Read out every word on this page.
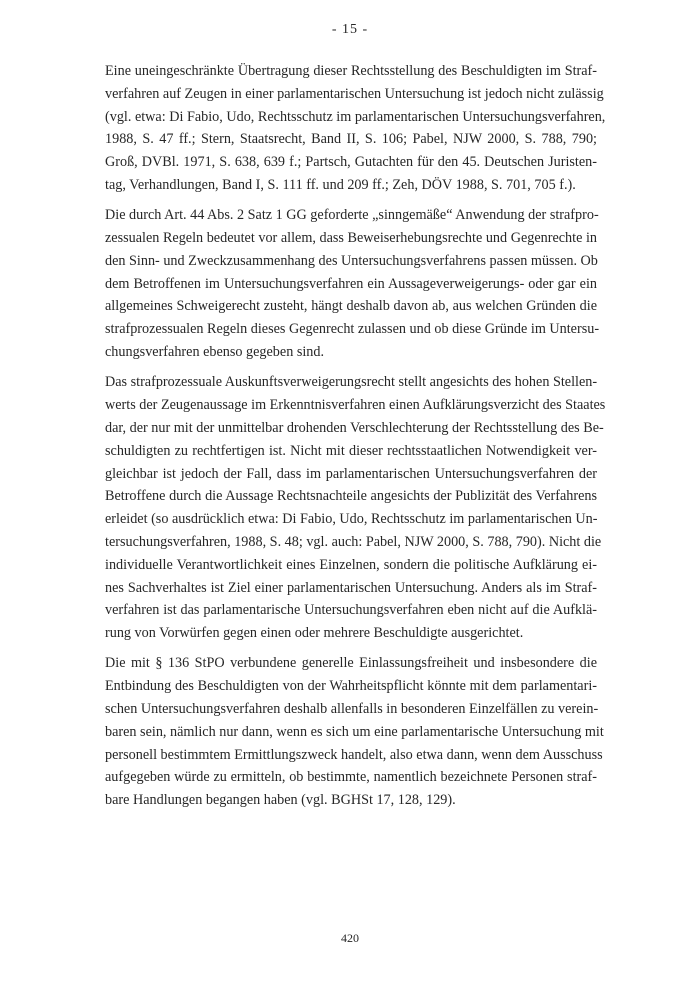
- 15 -
Eine uneingeschränkte Übertragung dieser Rechtsstellung des Beschuldigten im Straf-
verfahren auf Zeugen in einer parlamentarischen Untersuchung ist jedoch nicht zulässig
(vgl. etwa: Di Fabio, Udo, Rechtsschutz im parlamentarischen Untersuchungsverfahren,
1988, S. 47 ff.; Stern, Staatsrecht, Band II, S. 106; Pabel, NJW 2000, S. 788, 790;
Groß, DVBl. 1971, S. 638, 639 f.; Partsch, Gutachten für den 45. Deutschen Juristen-
tag, Verhandlungen, Band I, S. 111 ff. und 209 ff.; Zeh, DÖV 1988, S. 701, 705 f.).
Die durch Art. 44 Abs. 2 Satz 1 GG geforderte „sinngemäße“ Anwendung der strafpro-
zessualen Regeln bedeutet vor allem, dass Beweiserhebungsrechte und Gegenrechte in
den Sinn- und Zweckzusammenhang des Untersuchungsverfahrens passen müssen. Ob
dem Betroffenen im Untersuchungsverfahren ein Aussageverweigerungs- oder gar ein
allgemeines Schweigerecht zusteht, hängt deshalb davon ab, aus welchen Gründen die
strafprozessualen Regeln dieses Gegenrecht zulassen und ob diese Gründe im Untersu-
chungsverfahren ebenso gegeben sind.
Das strafprozessuale Auskunftsverweigerungsrecht stellt angesichts des hohen Stellen-
werts der Zeugenaussage im Erkenntnisverfahren einen Aufklärungsverzicht des Staates
dar, der nur mit der unmittelbar drohenden Verschlechterung der Rechtsstellung des Be-
schuldigten zu rechtfertigen ist. Nicht mit dieser rechtsstaatlichen Notwendigkeit ver-
gleichbar ist jedoch der Fall, dass im parlamentarischen Untersuchungsverfahren der
Betroffene durch die Aussage Rechtsnachteile angesichts der Publizität des Verfahrens
erleidet (so ausdrücklich etwa: Di Fabio, Udo, Rechtsschutz im parlamentarischen Un-
tersuchungsverfahren, 1988, S. 48; vgl. auch: Pabel, NJW 2000, S. 788, 790). Nicht die
individuelle Verantwortlichkeit eines Einzelnen, sondern die politische Aufklärung ei-
nes Sachverhaltes ist Ziel einer parlamentarischen Untersuchung. Anders als im Straf-
verfahren ist das parlamentarische Untersuchungsverfahren eben nicht auf die Aufklä-
rung von Vorwürfen gegen einen oder mehrere Beschuldigte ausgerichtet.
Die mit § 136 StPO verbundene generelle Einlassungsfreiheit und insbesondere die
Entbindung des Beschuldigten von der Wahrheitspflicht könnte mit dem parlamentari-
schen Untersuchungsverfahren deshalb allenfalls in besonderen Einzelfällen zu verein-
baren sein, nämlich nur dann, wenn es sich um eine parlamentarische Untersuchung mit
personell bestimmtem Ermittlungszweck handelt, also etwa dann, wenn dem Ausschuss
aufgegeben würde zu ermitteln, ob bestimmte, namentlich bezeichnete Personen straf-
bare Handlungen begangen haben (vgl. BGHSt 17, 128, 129).
420
